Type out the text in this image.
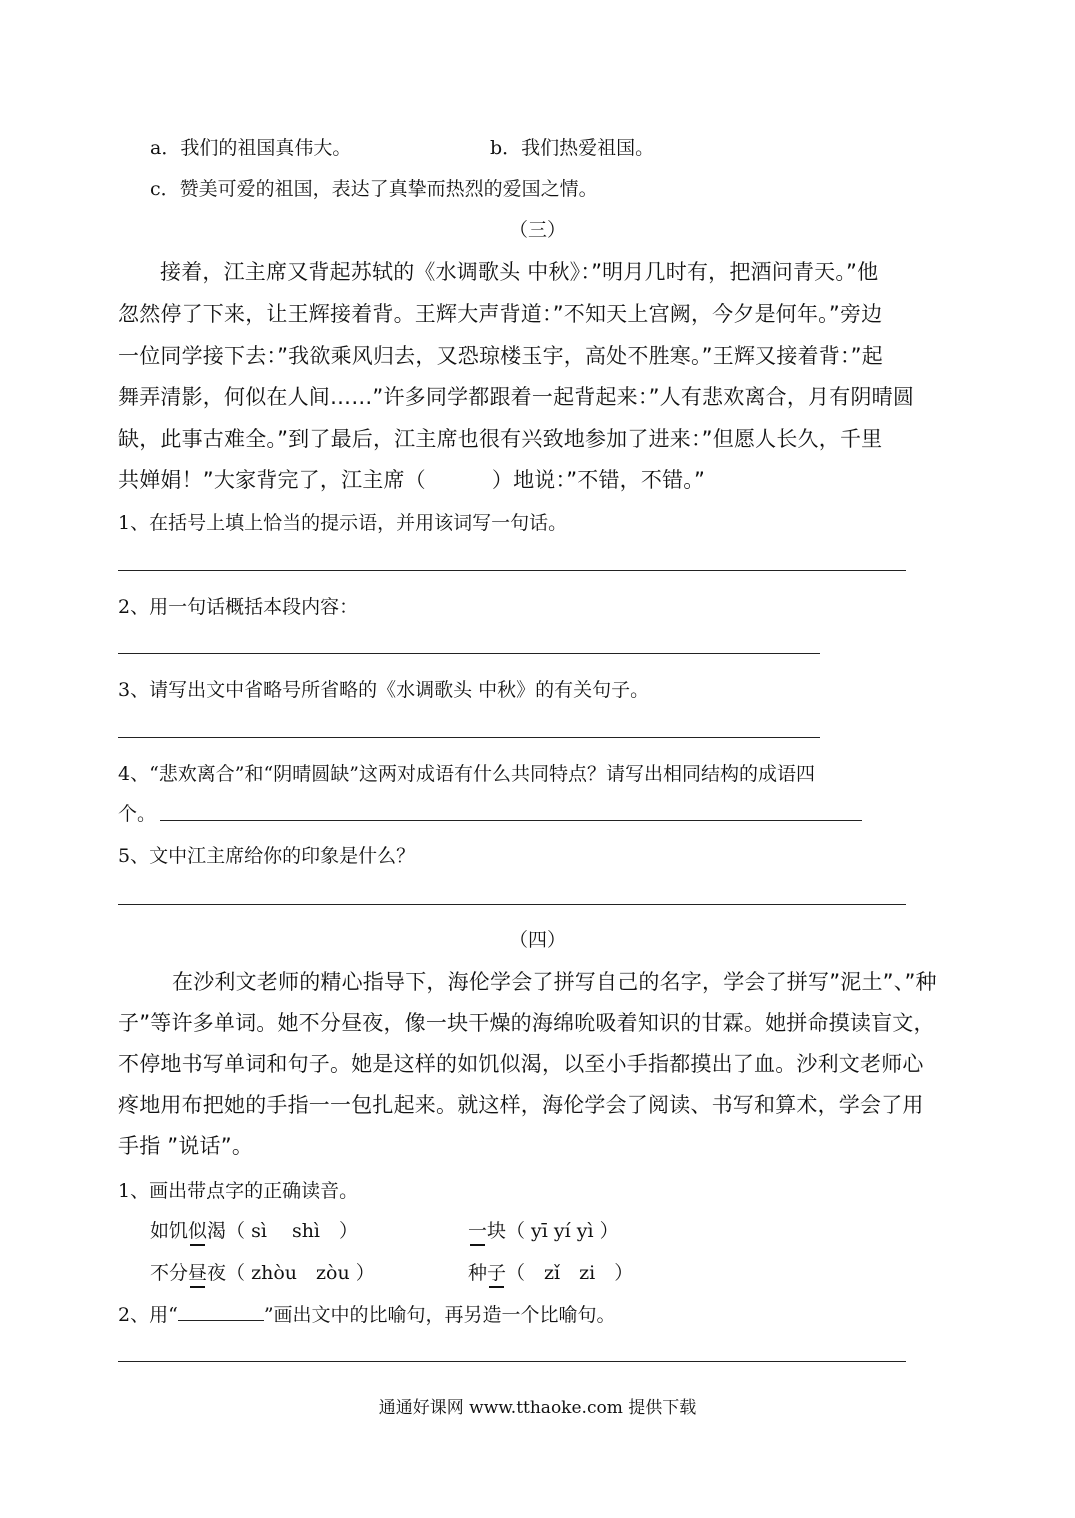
a．我们的祖国真伟大。	b．我们热爱祖国。
c．赞美可爱的祖国，表达了真挚而热烈的爱国之情。
（三）
接着，江主席又背起苏轼的《水调歌头 中秋》：”明月几时有，把酒问青天。”他
忽然停了下来，让王辉接着背。王辉大声背道：”不知天上宫阙，今夕是何年。”旁边
一位同学接下去：”我欲乘风归去，又恐琼楼玉宇，高处不胜寒。”王辉又接着背：”起
舞弄清影，何似在人间……”许多同学都跟着一起背起来：”人有悲欢离合，月有阴晴圆
缺，此事古难全。”到了最后，江主席也很有兴致地参加了进来：”但愿人长久，千里
共婵娟！”大家背完了，江主席（	）地说：”不错，不错。”
1、在括号上填上恰当的提示语，并用该词写一句话。
2、用一句话概括本段内容：
3、请写出文中省略号所省略的《水调歌头 中秋》的有关句子。
4、“悲欢离合”和“阴晴圆缺”这两对成语有什么共同特点？请写出相同结构的成语四
个。
5、文中江主席给你的印象是什么？
（四）
在沙利文老师的精心指导下，海伦学会了拼写自己的名字，学会了拼写”泥土”、”种
子”等许多单词。她不分昼夜，像一块干燥的海绵吮吸着知识的甘霖。她拼命摸读盲文，
不停地书写单词和句子。她是这样的如饥似渴，以至小手指都摸出了血。沙利文老师心
疼地用布把她的手指一一包扎起来。就这样，海伦学会了阅读、书写和算术，学会了用
手指 ”说话”。
1、画出带点字的正确读音。
如饥似渴（ sì　 shì　）	一块（ yī yí yì ）
不分昼夜（ zhòu　zòu ）	种子（　zǐ　zi　）
2、用“	”画出文中的比喻句，再另造一个比喻句。
通通好课网 www.tthaoke.com 提供下载
